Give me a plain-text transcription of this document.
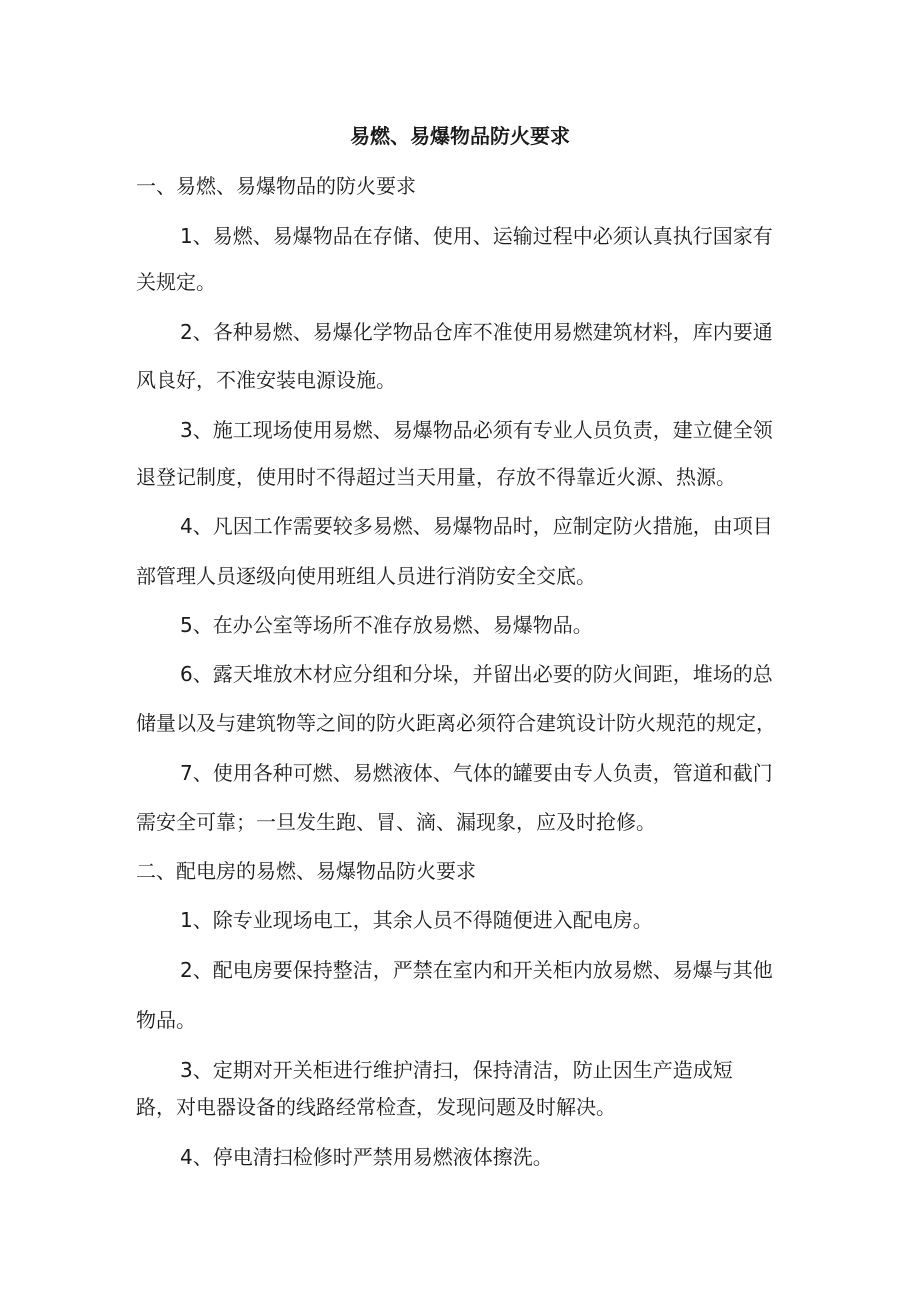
易燃、易爆物品防火要求

一、易燃、易爆物品的防火要求

1、易燃、易爆物品在存储、使用、运输过程中必须认真执行国家有

关规定。

2、各种易燃、易爆化学物品仓库不准使用易燃建筑材料，库内要通

风良好，不准安装电源设施。

3、施工现场使用易燃、易爆物品必须有专业人员负责，建立健全领

退登记制度，使用时不得超过当天用量，存放不得靠近火源、热源。

4、凡因工作需要较多易燃、易爆物品时，应制定防火措施，由项目

部管理人员逐级向使用班组人员进行消防安全交底。

5、在办公室等场所不准存放易燃、易爆物品。

6、露天堆放木材应分组和分垛，并留出必要的防火间距，堆场的总

储量以及与建筑物等之间的防火距离必须符合建筑设计防火规范的规定，

7、使用各种可燃、易燃液体、气体的罐要由专人负责，管道和截门

需安全可靠；一旦发生跑、冒、滴、漏现象，应及时抢修。

二、配电房的易燃、易爆物品防火要求

1、除专业现场电工，其余人员不得随便进入配电房。

2、配电房要保持整洁，严禁在室内和开关柜内放易燃、易爆与其他

物品。

3、定期对开关柜进行维护清扫，保持清洁，防止因生产造成短

路，对电器设备的线路经常检查，发现问题及时解决。

4、停电清扫检修时严禁用易燃液体擦洗。
